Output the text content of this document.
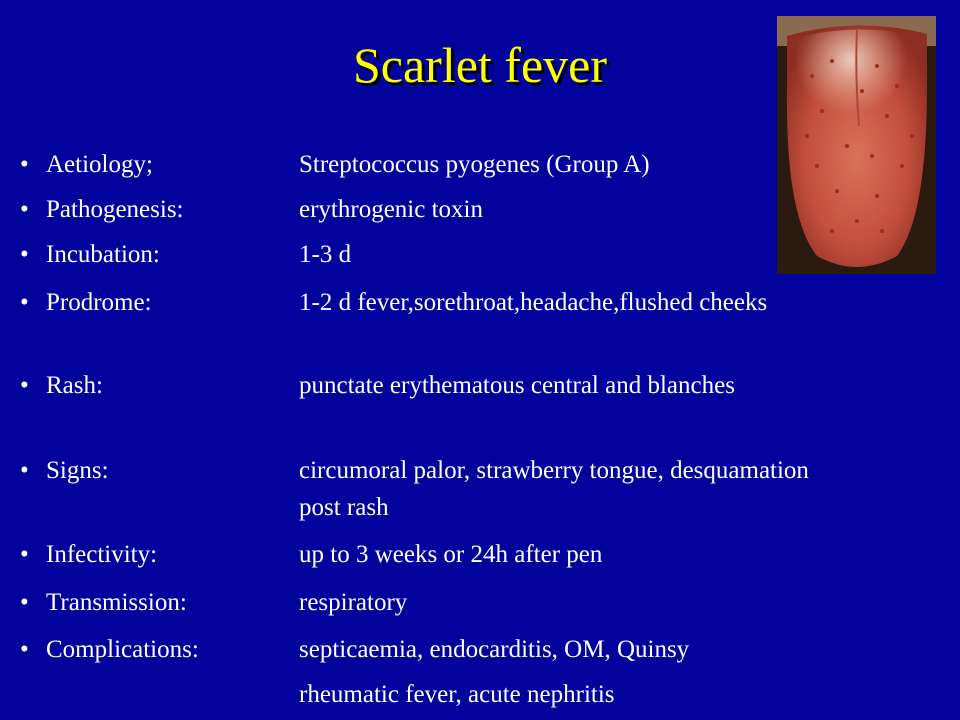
Scarlet fever
• Aetiology;	Streptococcus pyogenes (Group A)
• Pathogenesis:	erythrogenic toxin
• Incubation:	1-3 d
• Prodrome:	1-2 d fever,sorethroat,headache,flushed cheeks
• Rash:	punctate erythematous central and blanches
• Signs:	circumoral palor, strawberry tongue, desquamation post rash
• Infectivity:	up to 3 weeks or 24h after pen
• Transmission:	respiratory
• Complications:	septicaemia, endocarditis, OM, Quinsy
rheumatic fever, acute nephritis
